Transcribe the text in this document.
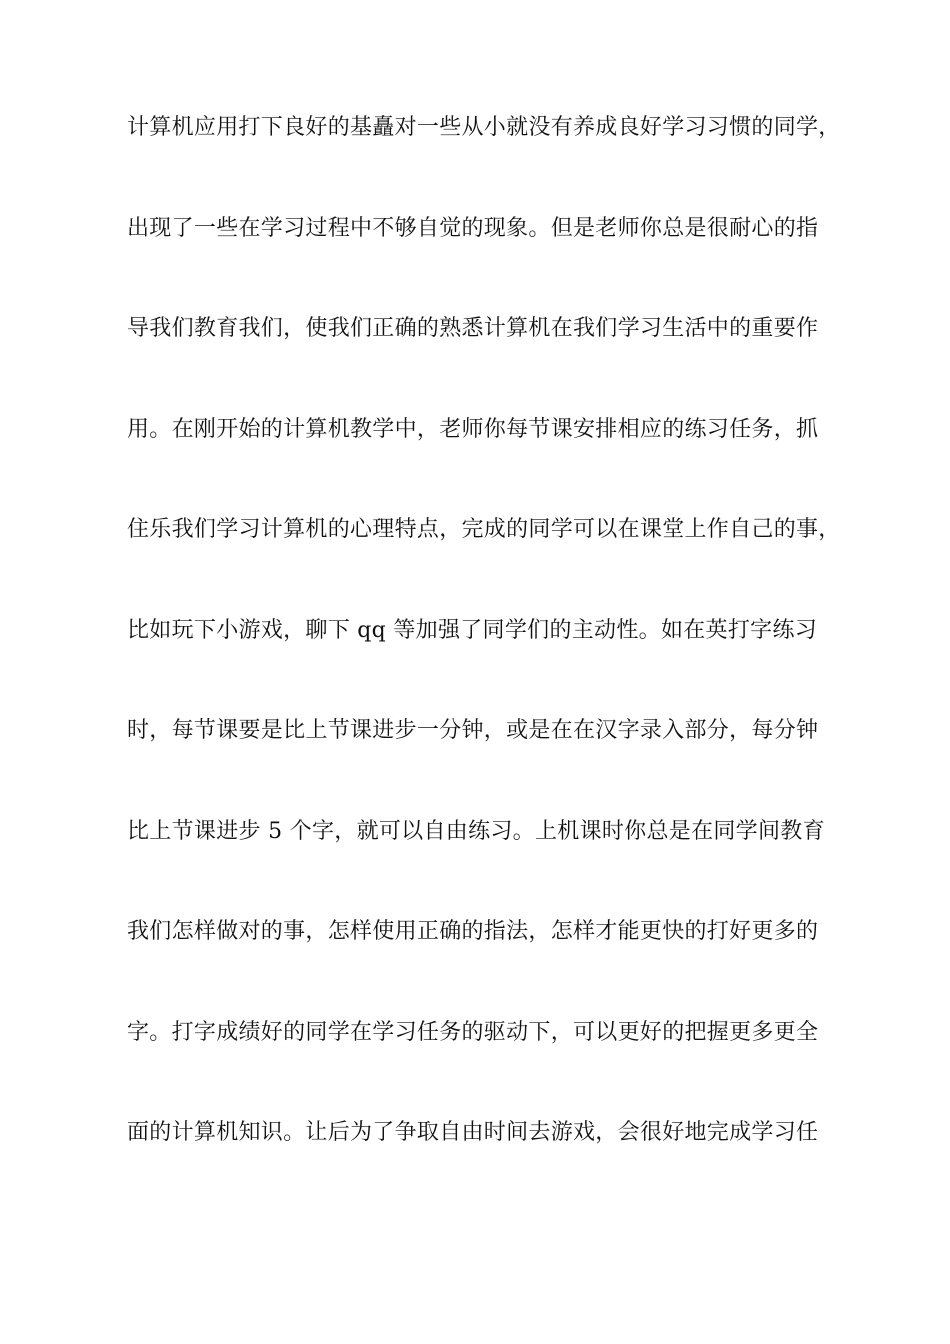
计算机应用打下良好的基矗对一些从小就没有养成良好学习习惯的同学，
出现了一些在学习过程中不够自觉的现象。但是老师你总是很耐心的指
导我们教育我们，使我们正确的熟悉计算机在我们学习生活中的重要作
用。在刚开始的计算机教学中，老师你每节课安排相应的练习任务，抓
住乐我们学习计算机的心理特点，完成的同学可以在课堂上作自己的事，
比如玩下小游戏，聊下 qq 等加强了同学们的主动性。如在英打字练习
时，每节课要是比上节课进步一分钟，或是在在汉字录入部分，每分钟
比上节课进步 5 个字，就可以自由练习。上机课时你总是在同学间教育
我们怎样做对的事，怎样使用正确的指法，怎样才能更快的打好更多的
字。打字成绩好的同学在学习任务的驱动下，可以更好的把握更多更全
面的计算机知识。让后为了争取自由时间去游戏，会很好地完成学习任
